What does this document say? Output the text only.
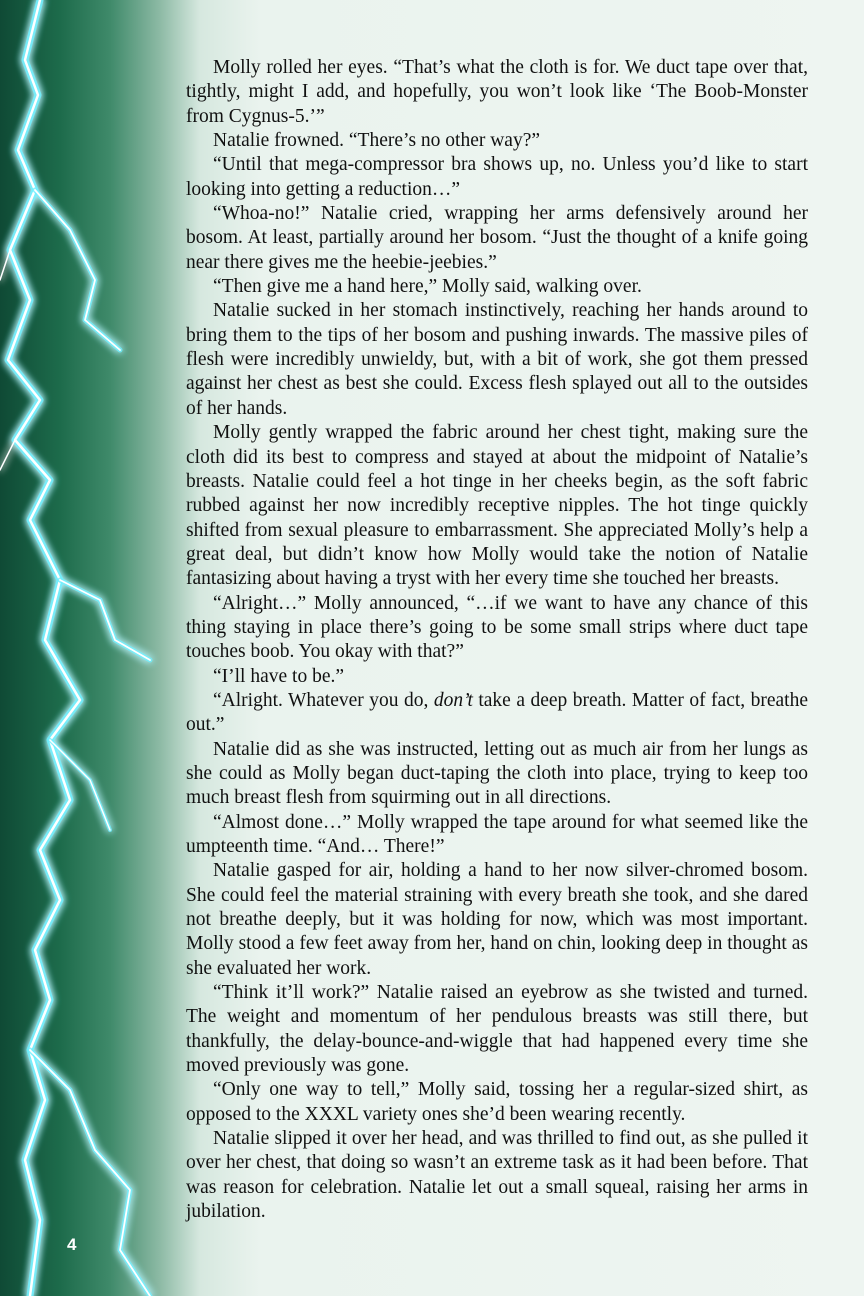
Molly rolled her eyes. “That’s what the cloth is for. We duct tape over that, tightly, might I add, and hopefully, you won’t look like ‘The Boob-Monster from Cygnus-5.’”

Natalie frowned. “There’s no other way?”

“Until that mega-compressor bra shows up, no. Unless you’d like to start looking into getting a reduction…”

“Whoa-no!” Natalie cried, wrapping her arms defensively around her bosom. At least, partially around her bosom. “Just the thought of a knife going near there gives me the heebie-jeebies.”

“Then give me a hand here,” Molly said, walking over.

Natalie sucked in her stomach instinctively, reaching her hands around to bring them to the tips of her bosom and pushing inwards. The massive piles of flesh were incredibly unwieldy, but, with a bit of work, she got them pressed against her chest as best she could. Excess flesh splayed out all to the outsides of her hands.

Molly gently wrapped the fabric around her chest tight, making sure the cloth did its best to compress and stayed at about the midpoint of Natalie’s breasts. Natalie could feel a hot tinge in her cheeks begin, as the soft fabric rubbed against her now incredibly receptive nipples. The hot tinge quickly shifted from sexual pleasure to embarrassment. She appreciated Molly’s help a great deal, but didn’t know how Molly would take the notion of Natalie fantasizing about having a tryst with her every time she touched her breasts.

“Alright…” Molly announced, “…if we want to have any chance of this thing staying in place there’s going to be some small strips where duct tape touches boob. You okay with that?”

“I’ll have to be.”

“Alright. Whatever you do, don’t take a deep breath. Matter of fact, breathe out.”

Natalie did as she was instructed, letting out as much air from her lungs as she could as Molly began duct-taping the cloth into place, trying to keep too much breast flesh from squirming out in all directions.

“Almost done…” Molly wrapped the tape around for what seemed like the umpteenth time. “And… There!”

Natalie gasped for air, holding a hand to her now silver-chromed bosom. She could feel the material straining with every breath she took, and she dared not breathe deeply, but it was holding for now, which was most important. Molly stood a few feet away from her, hand on chin, looking deep in thought as she evaluated her work.

“Think it’ll work?” Natalie raised an eyebrow as she twisted and turned. The weight and momentum of her pendulous breasts was still there, but thankfully, the delay-bounce-and-wiggle that had happened every time she moved previously was gone.

“Only one way to tell,” Molly said, tossing her a regular-sized shirt, as opposed to the XXXL variety ones she’d been wearing recently.

Natalie slipped it over her head, and was thrilled to find out, as she pulled it over her chest, that doing so wasn’t an extreme task as it had been before. That was reason for celebration. Natalie let out a small squeal, raising her arms in jubilation.

4
